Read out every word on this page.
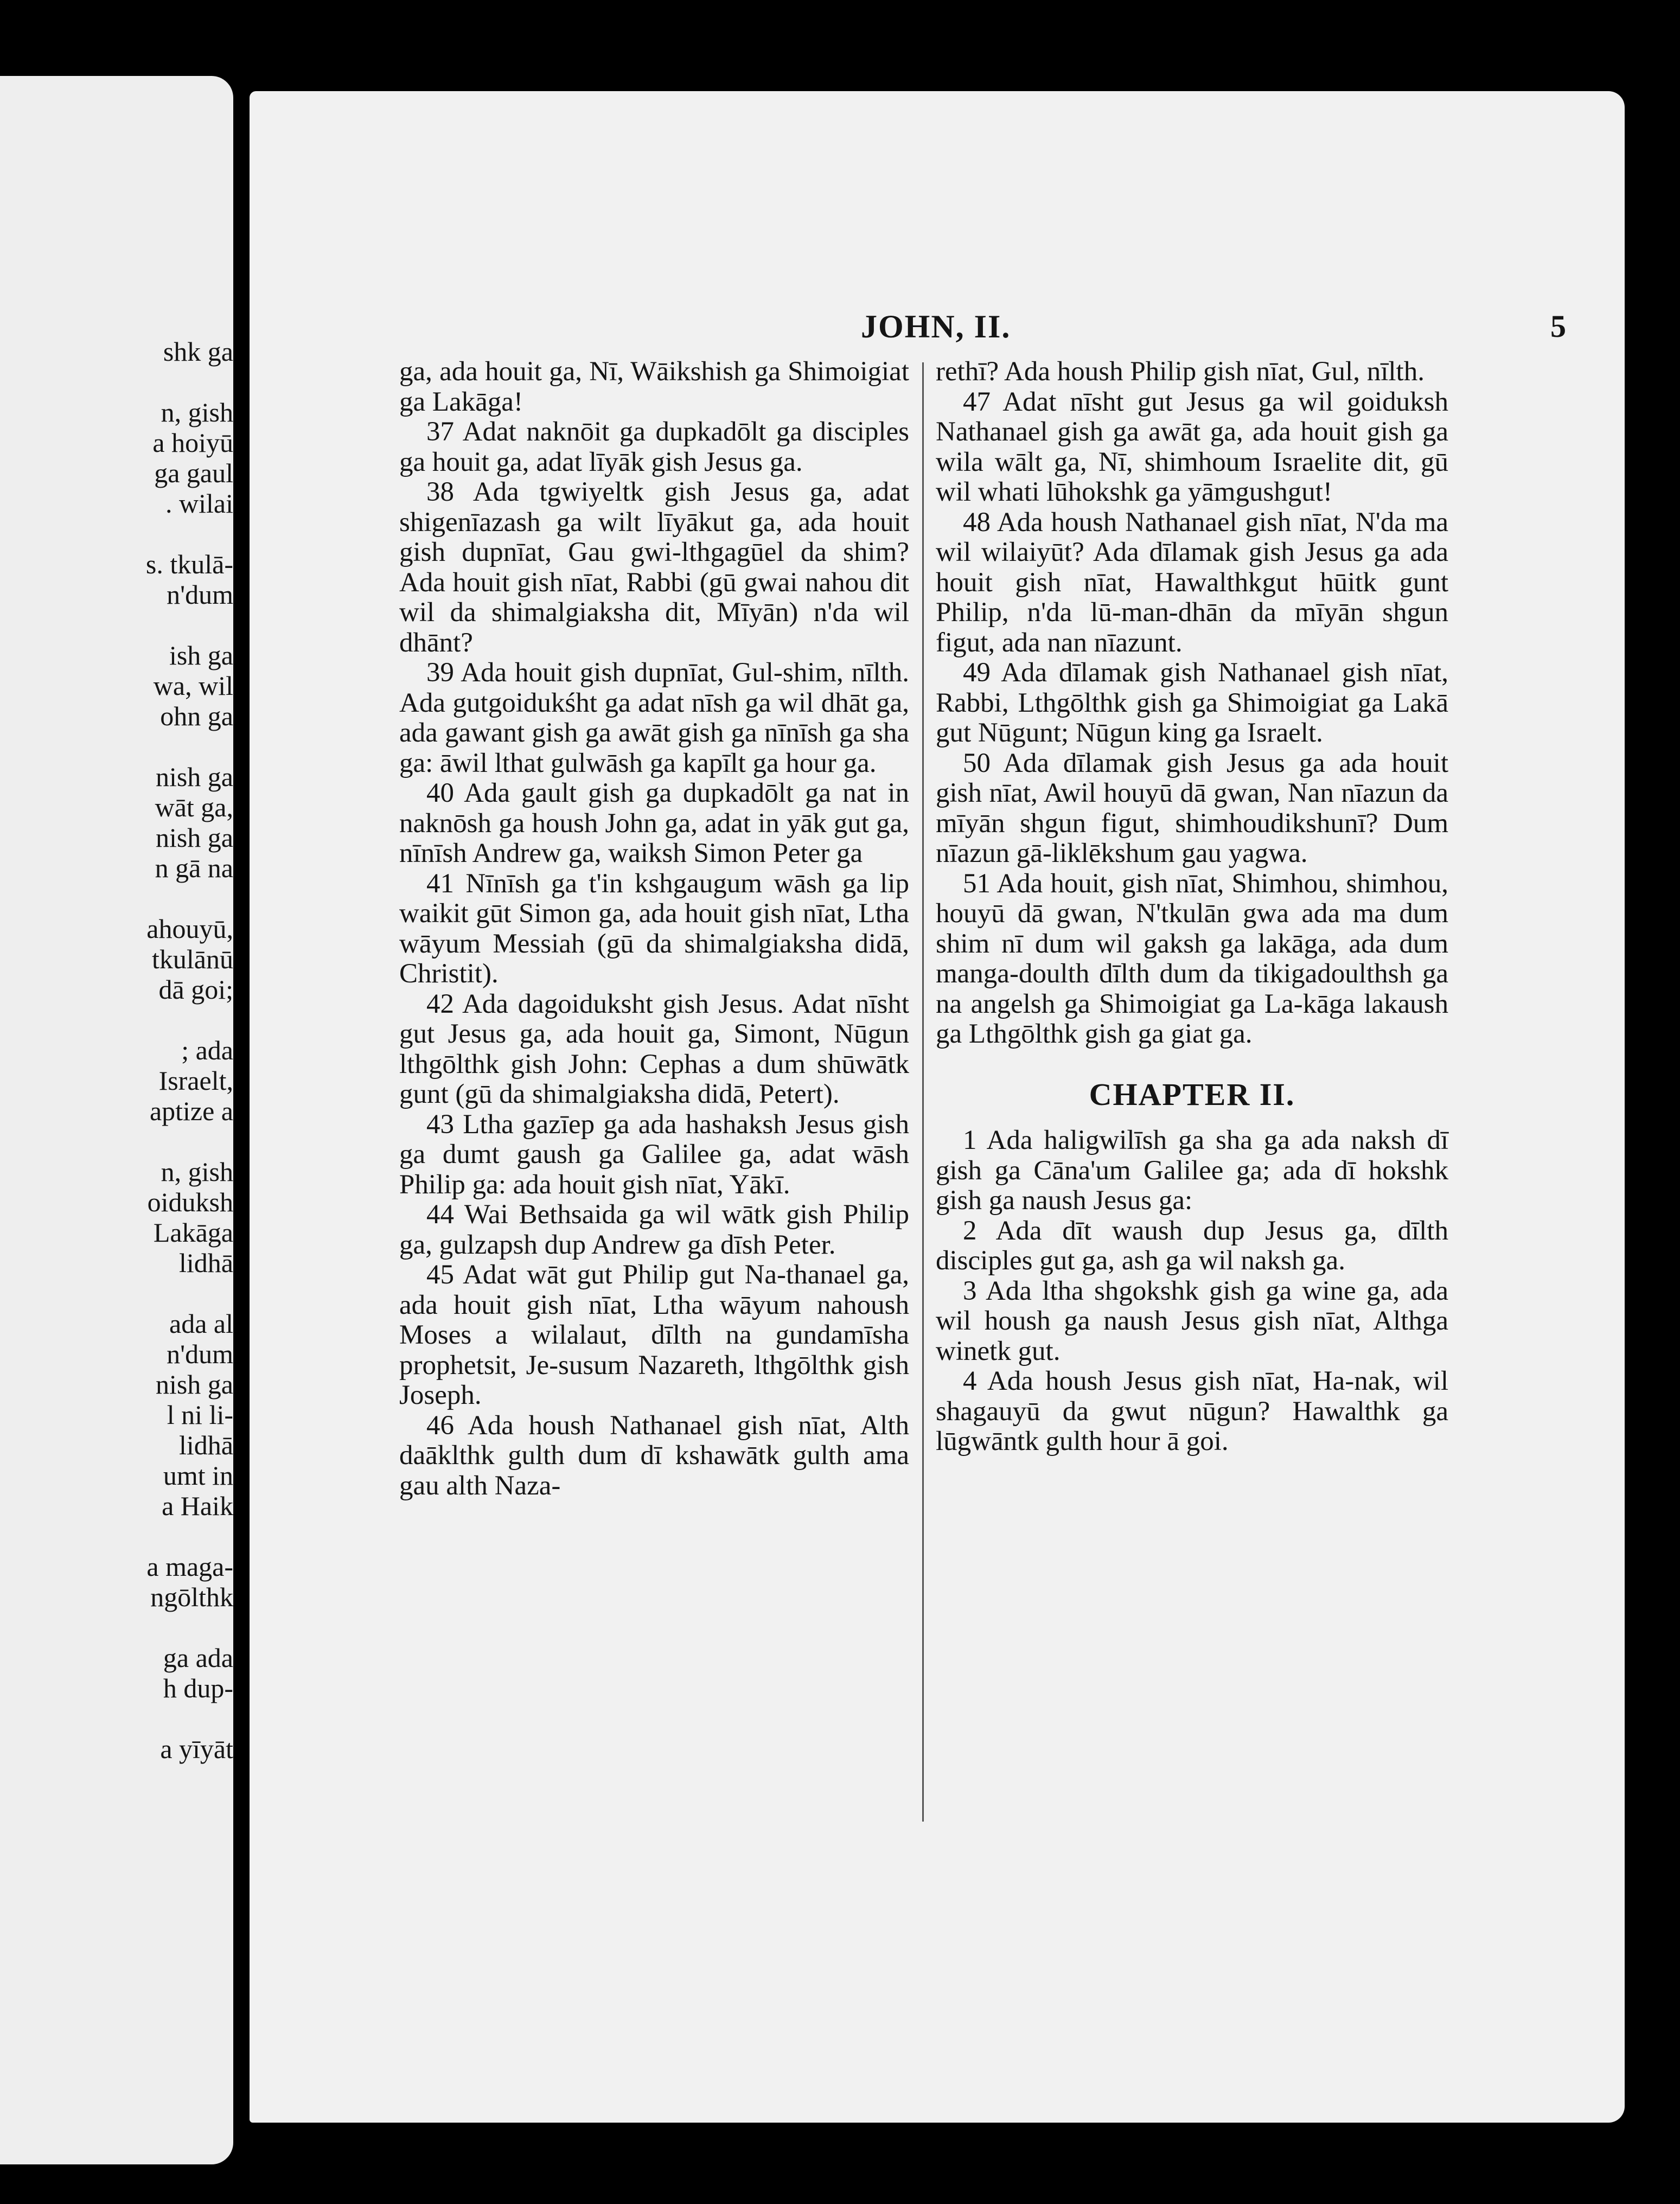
shk ga
n, gish
a hoiyū
ga gaul
. wilai
s. tkulā-
n'dum
ish ga
wa, wil
ohn ga
nish ga
wāt ga,
nish ga
n gā na
ahouyū,
tkulānū
dā goi;
; ada
Israelt,
aptize a
n, gish
oiduksh
Lakāga
lidhā
ada al
n'dum
nish ga
l ni li-
lidhā
umt in
a Haik
a maga-
ngōlthk
ga ada
h dup-
a yīyāt
JOHN, II.	5

ga, ada houit ga, Nī, Wāikshish ga Shimoigiat ga Lakāga!

37 Adat naknōit ga dupkadōlt ga disciples ga houit ga, adat līyāk gish Jesus ga.

38 Ada tgwiyeltk gish Jesus ga, adat shigenīazash ga wilt līyākut ga, ada houit gish dupnīat, Gau gwi-lthgagūel da shim? Ada houit gish nīat, Rabbi (gū gwai nahou dit wil da shimalgiaksha dit, Mīyān) n'da wil dhānt?

39 Ada houit gish dupnīat, Gul-shim, nīlth. Ada gutgoidukśht ga adat nīsh ga wil dhāt ga, ada gawant gish ga awāt gish ga nīnīsh ga sha ga: āwil lthat gulwāsh ga kapīlt ga hour ga.

40 Ada gault gish ga dupkadōlt ga nat in naknōsh ga housh John ga, adat in yāk gut ga, nīnīsh Andrew ga, waiksh Simon Peter ga

41 Nīnīsh ga t'in kshgaugum wāsh ga lip waikit gūt Simon ga, ada houit gish nīat, Ltha wāyum Messiah (gū da shimalgiaksha didā, Christit).

42 Ada dagoiduksht gish Jesus. Adat nīsht gut Jesus ga, ada houit ga, Simont, Nūgun lthgōlthk gish John: Cephas a dum shūwātk gunt (gū da shimalgiaksha didā, Petert).

43 Ltha gazīep ga ada hashaksh Jesus gish ga dumt gaush ga Galilee ga, adat wāsh Philip ga: ada houit gish nīat, Yākī.

44 Wai Bethsaida ga wil wātk gish Philip ga, gulzapsh dup Andrew ga dīsh Peter.

45 Adat wāt gut Philip gut Na-thanael ga, ada houit gish nīat, Ltha wāyum nahoush Moses a wilalaut, dīlth na gundamīsha prophetsit, Je-susum Nazareth, lthgōlthk gish Joseph.

46 Ada housh Nathanael gish nīat, Alth daāklthk gulth dum dī kshawātk gulth ama gau alth Naza-

rethī? Ada housh Philip gish nīat, Gul, nīlth.

47 Adat nīsht gut Jesus ga wil goiduksh Nathanael gish ga awāt ga, ada houit gish ga wila wālt ga, Nī, shimhoum Israelite dit, gū wil whati lūhokshk ga yāmgushgut!

48 Ada housh Nathanael gish nīat, N'da ma wil wilaiyūt? Ada dīlamak gish Jesus ga ada houit gish nīat, Hawalthkgut hūitk gunt Philip, n'da lū-man-dhān da mīyān shgun figut, ada nan nīazunt.

49 Ada dīlamak gish Nathanael gish nīat, Rabbi, Lthgōlthk gish ga Shimoigiat ga Lakā gut Nūgunt; Nūgun king ga Israelt.

50 Ada dīlamak gish Jesus ga ada houit gish nīat, Awil houyū dā gwan, Nan nīazun da mīyān shgun figut, shimhoudikshunī? Dum nīazun gā-liklēkshum gau yagwa.

51 Ada houit, gish nīat, Shimhou, shimhou, houyū dā gwan, N'tkulān gwa ada ma dum shim nī dum wil gaksh ga lakāga, ada dum manga-doulth dīlth dum da tikigadoulthsh ga na angelsh ga Shimoigiat ga La-kāga lakaush ga Lthgōlthk gish ga giat ga.

CHAPTER II.

1 Ada haligwilīsh ga sha ga ada naksh dī gish ga Cāna'um Galilee ga; ada dī hokshk gish ga naush Jesus ga:

2 Ada dīt waush dup Jesus ga, dīlth disciples gut ga, ash ga wil naksh ga.

3 Ada ltha shgokshk gish ga wine ga, ada wil housh ga naush Jesus gish nīat, Althga winetk gut.

4 Ada housh Jesus gish nīat, Ha-nak, wil shagauyū da gwut nūgun? Hawalthk ga lūgwāntk gulth hour ā goi.
